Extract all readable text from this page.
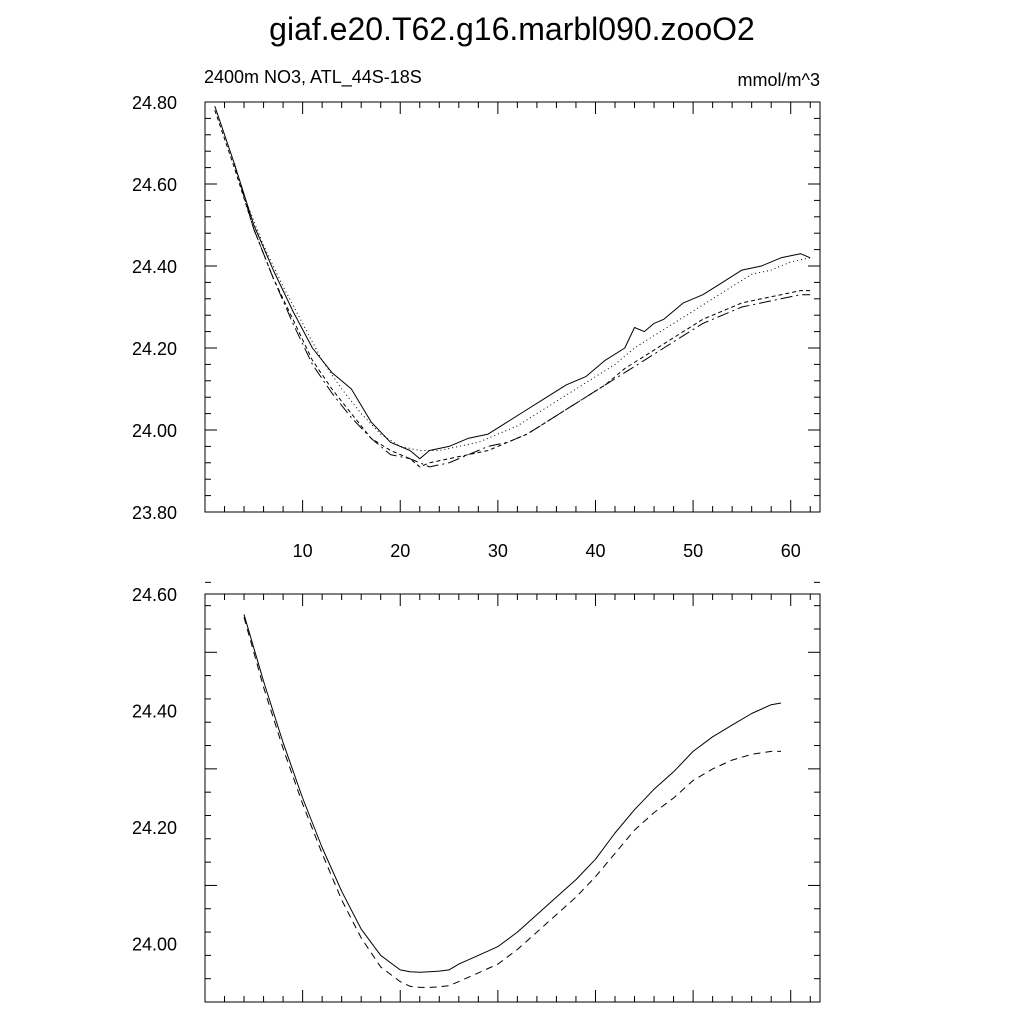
giaf.e20.T62.g16.marbl090.zooO2
2400m NO3, ATL_44S-18S	mmol/m^3
10	20	30	40	50	60
23.80
24.00
24.20
24.40
24.60
24.80
24.00
24.20
24.40
24.60
